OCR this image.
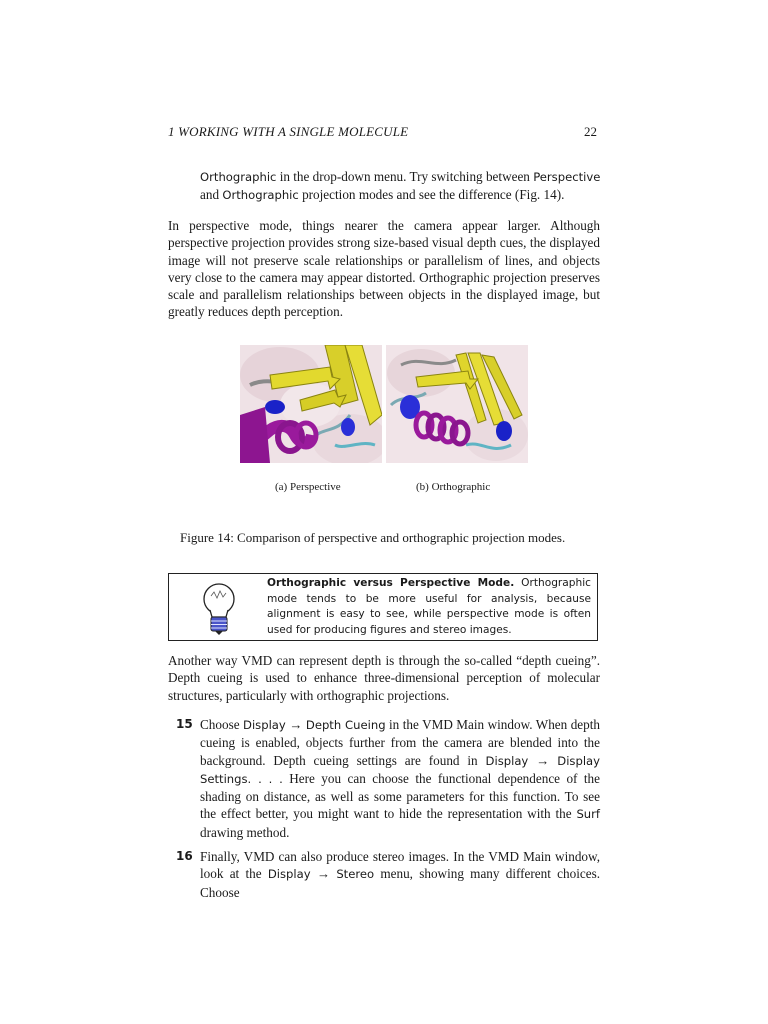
1 WORKING WITH A SINGLE MOLECULE	22
Orthographic in the drop-down menu. Try switching between Perspective
and Orthographic projection modes and see the difference (Fig. 14).
In perspective mode, things nearer the camera appear larger. Although perspective projection provides strong size-based visual depth cues, the displayed image will not preserve scale relationships or parallelism of lines, and objects very close to the camera may appear distorted. Orthographic projection preserves scale and parallelism relationships between objects in the displayed image, but greatly reduces depth perception.
(a) Perspective	(b) Orthographic
Figure 14: Comparison of perspective and orthographic projection modes.
Orthographic versus Perspective Mode. Orthographic mode tends to be more useful for analysis, because alignment is easy to see, while perspective mode is often used for producing figures and stereo images.
Another way VMD can represent depth is through the so-called “depth cueing”. Depth cueing is used to enhance three-dimensional perception of molecular structures, particularly with orthographic projections.
15 Choose Display → Depth Cueing in the VMD Main window. When depth cueing is enabled, objects further from the camera are blended into the background. Depth cueing settings are found in Display → Display Settings. . . . Here you can choose the functional dependence of the shading on distance, as well as some parameters for this function. To see the effect better, you might want to hide the representation with the Surf drawing method.
16 Finally, VMD can also produce stereo images. In the VMD Main window, look at the Display → Stereo menu, showing many different choices. Choose
